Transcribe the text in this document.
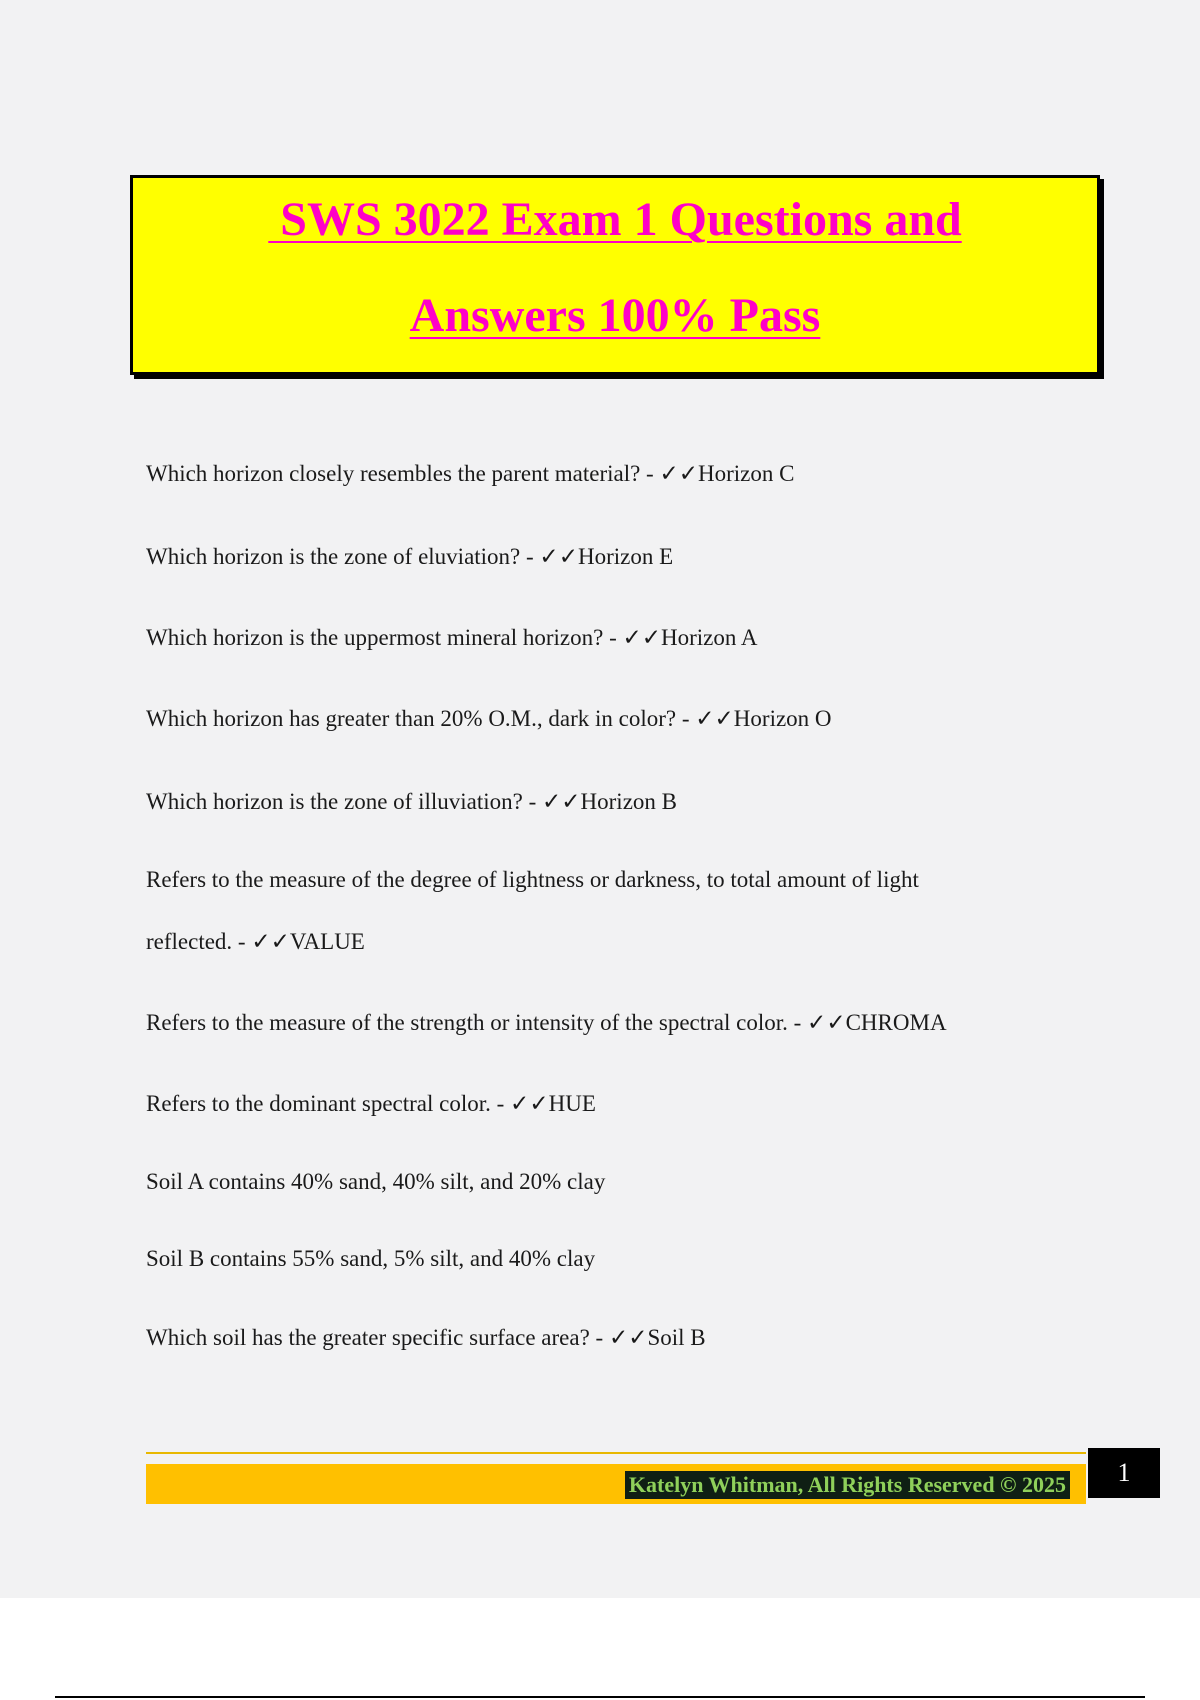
SWS 3022 Exam 1 Questions and
Answers 100% Pass
Which horizon closely resembles the parent material? - ✓✓Horizon C
Which horizon is the zone of eluviation? - ✓✓Horizon E
Which horizon is the uppermost mineral horizon? - ✓✓Horizon A
Which horizon has greater than 20% O.M., dark in color? - ✓✓Horizon O
Which horizon is the zone of illuviation? - ✓✓Horizon B
Refers to the measure of the degree of lightness or darkness, to total amount of light
reflected. - ✓✓VALUE
Refers to the measure of the strength or intensity of the spectral color. - ✓✓CHROMA
Refers to the dominant spectral color. - ✓✓HUE
Soil A contains 40% sand, 40% silt, and 20% clay
Soil B contains 55% sand, 5% silt, and 40% clay
Which soil has the greater specific surface area? - ✓✓Soil B
Katelyn Whitman, All Rights Reserved © 2025	1
